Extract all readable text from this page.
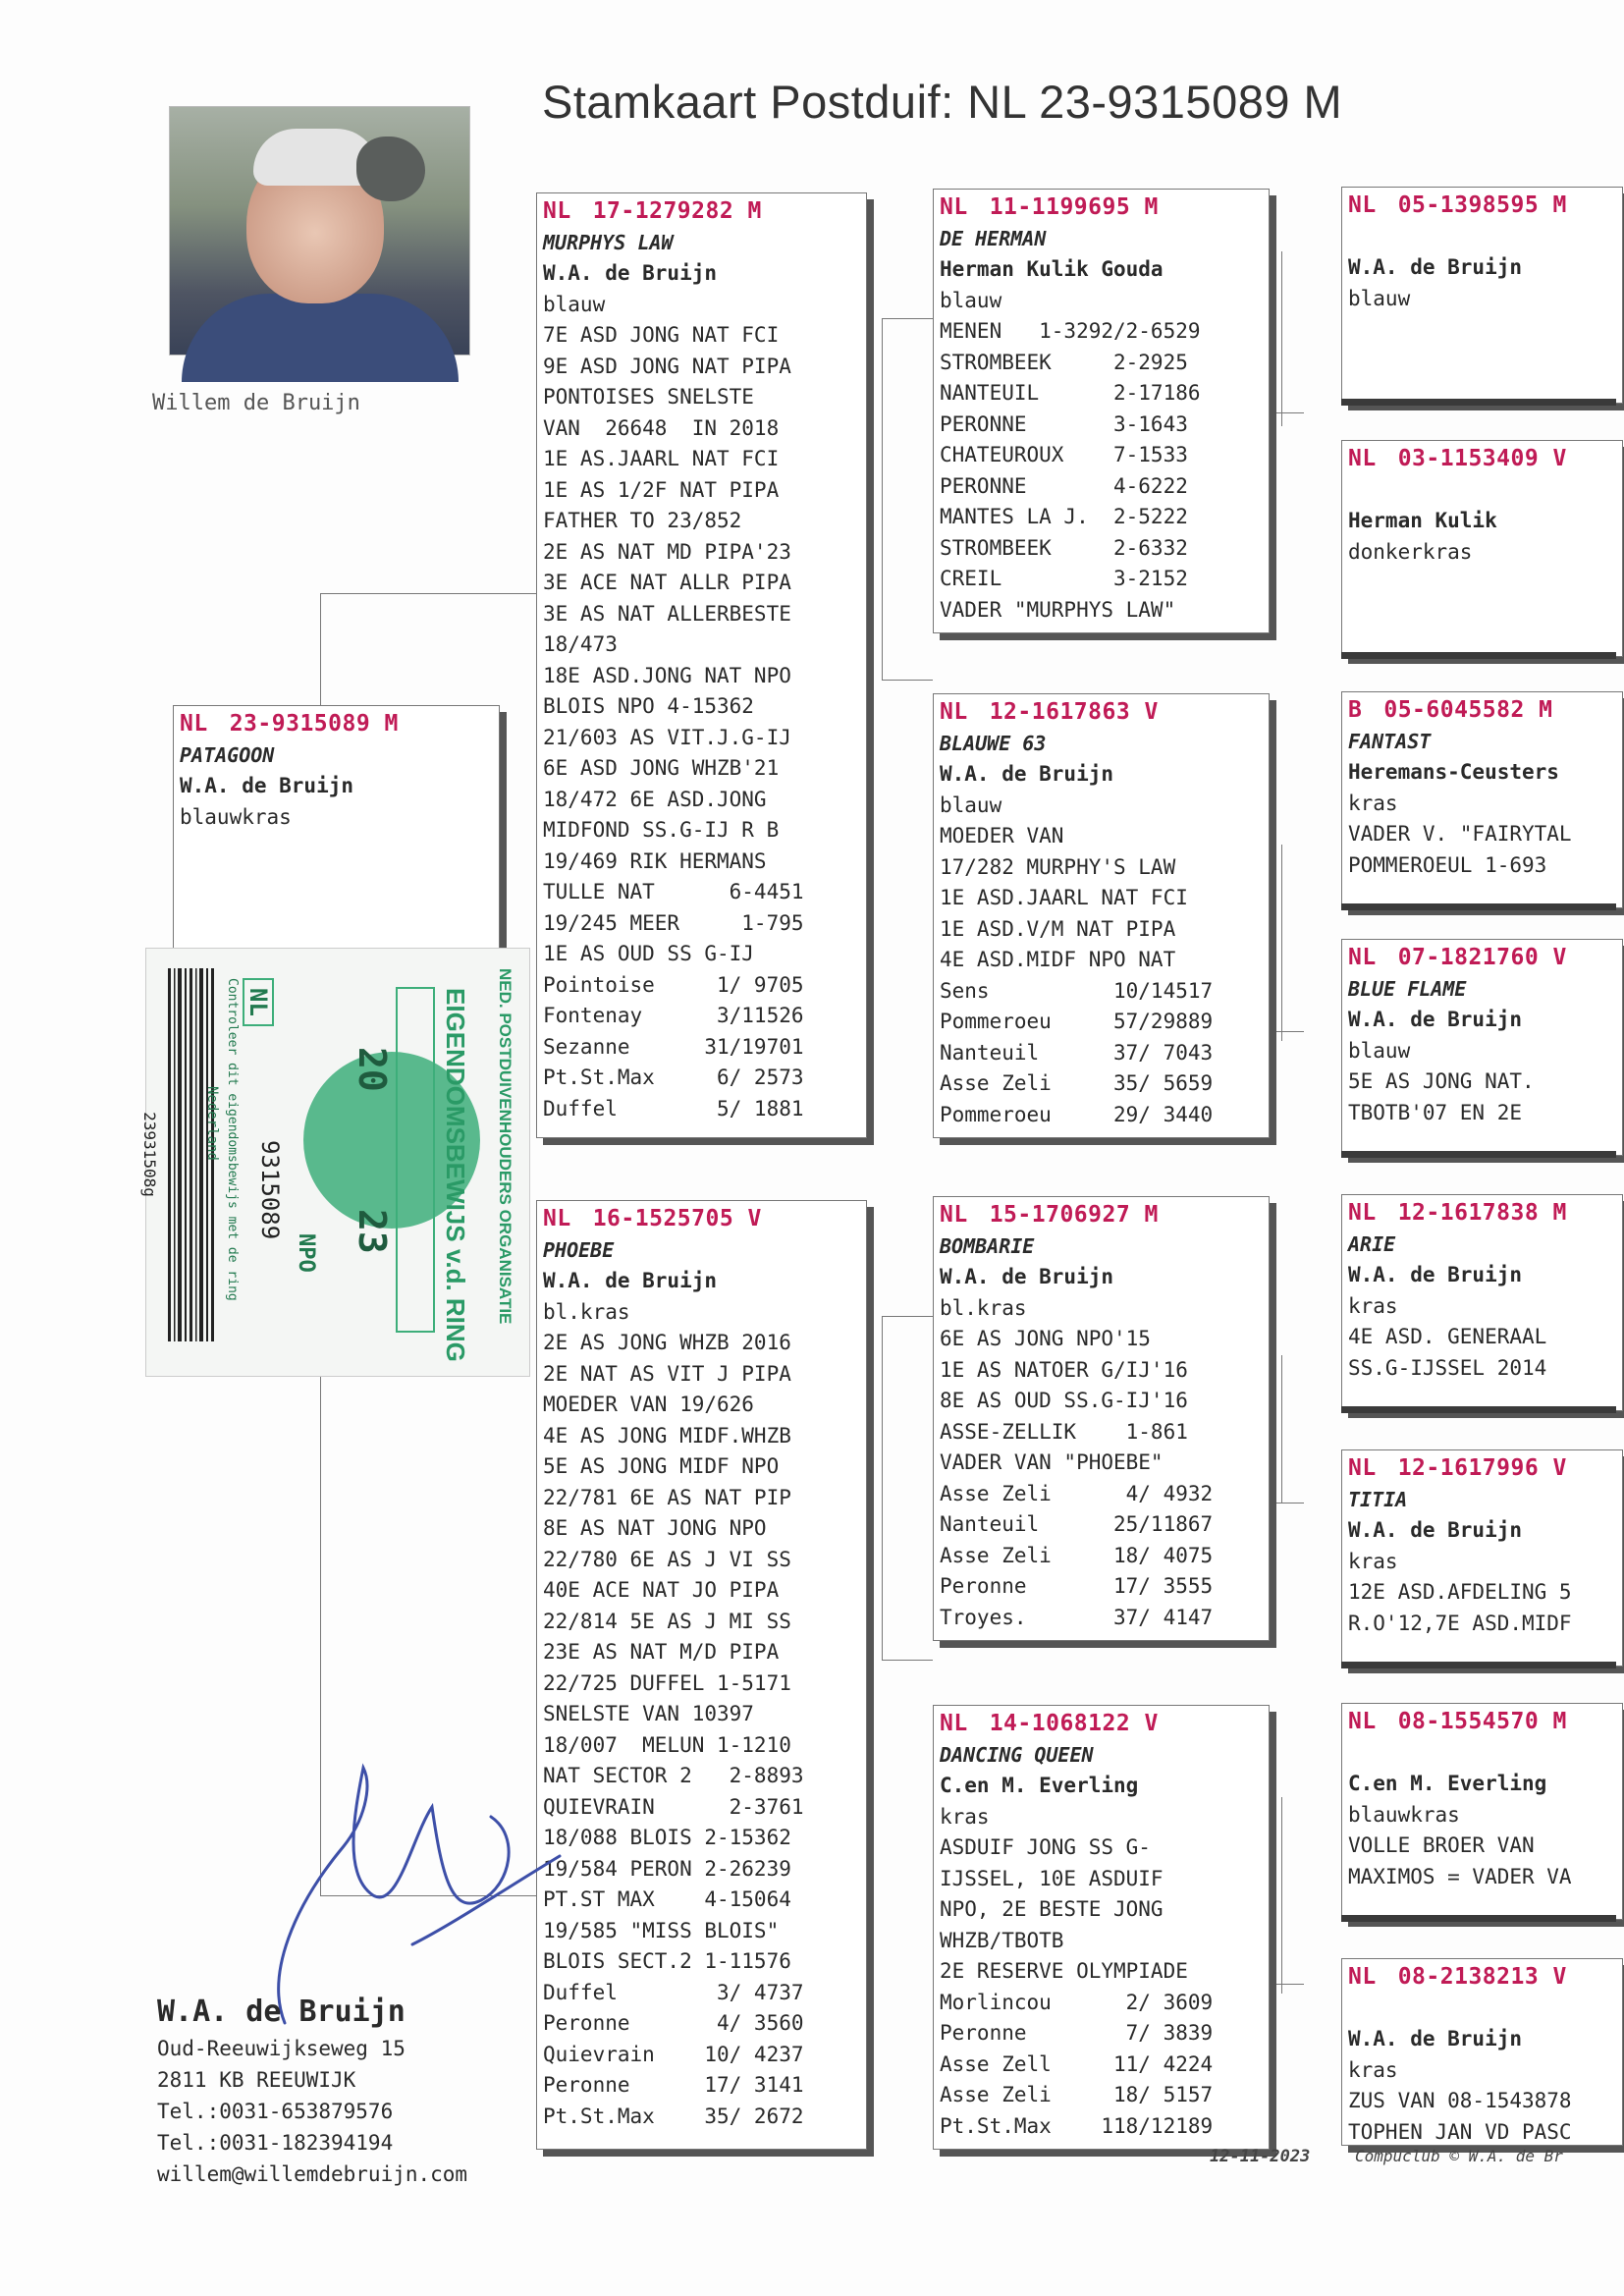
Stamkaart Postduif: NL 23-9315089 M
Willem de Bruijn
NL 23-9315089 M
PATAGOON
W.A. de Bruijn
blauwkras
23931508g	Nederland Controleer dit eigendomsbewijs met de ring NL
9315089
NPO
20
23 EIGENDOMSBEWIJS v.d. RING NED. POSTDUIVENHOUDERS ORGANISATIE
NL 17-1279282 M
MURPHYS LAW
W.A. de Bruijn
blauw
7E ASD JONG NAT FCI
9E ASD JONG NAT PIPA
PONTOISES SNELSTE
VAN  26648  IN 2018
1E AS.JAARL NAT FCI
1E AS 1/2F NAT PIPA
FATHER TO 23/852
2E AS NAT MD PIPA'23
3E ACE NAT ALLR PIPA
3E AS NAT ALLERBESTE
18/473
18E ASD.JONG NAT NPO
BLOIS NPO 4-15362
21/603 AS VIT.J.G-IJ
6E ASD JONG WHZB'21
18/472 6E ASD.JONG
MIDFOND SS.G-IJ R B
19/469 RIK HERMANS
TULLE NAT      6-4451
19/245 MEER     1-795
1E AS OUD SS G-IJ
Pointoise     1/ 9705
Fontenay      3/11526
Sezanne      31/19701
Pt.St.Max     6/ 2573
Duffel        5/ 1881
NL 16-1525705 V
PHOEBE
W.A. de Bruijn
bl.kras
2E AS JONG WHZB 2016
2E NAT AS VIT J PIPA
MOEDER VAN 19/626
4E AS JONG MIDF.WHZB
5E AS JONG MIDF NPO
22/781 6E AS NAT PIP
8E AS NAT JONG NPO
22/780 6E AS J VI SS
40E ACE NAT JO PIPA
22/814 5E AS J MI SS
23E AS NAT M/D PIPA
22/725 DUFFEL 1-5171
SNELSTE VAN 10397
18/007  MELUN 1-1210
NAT SECTOR 2   2-8893
QUIEVRAIN      2-3761
18/088 BLOIS 2-15362
19/584 PERON 2-26239
PT.ST MAX    4-15064
19/585 "MISS BLOIS"
BLOIS SECT.2 1-11576
Duffel        3/ 4737
Peronne       4/ 3560
Quievrain    10/ 4237
Peronne      17/ 3141
Pt.St.Max    35/ 2672
NL 11-1199695 M
DE HERMAN
Herman Kulik Gouda
blauw
MENEN   1-3292/2-6529
STROMBEEK     2-2925
NANTEUIL      2-17186
PERONNE       3-1643
CHATEUROUX    7-1533
PERONNE       4-6222
MANTES LA J.  2-5222
STROMBEEK     2-6332
CREIL         3-2152
VADER "MURPHYS LAW"
NL 12-1617863 V
BLAUWE 63
W.A. de Bruijn
blauw
MOEDER VAN
17/282 MURPHY'S LAW
1E ASD.JAARL NAT FCI
1E ASD.V/M NAT PIPA
4E ASD.MIDF NPO NAT
Sens          10/14517
Pommeroeu     57/29889
Nanteuil      37/ 7043
Asse Zeli     35/ 5659
Pommeroeu     29/ 3440
NL 15-1706927 M
BOMBARIE
W.A. de Bruijn
bl.kras
6E AS JONG NPO'15
1E AS NATOER G/IJ'16
8E AS OUD SS.G-IJ'16
ASSE-ZELLIK    1-861
VADER VAN "PHOEBE"
Asse Zeli      4/ 4932
Nanteuil      25/11867
Asse Zeli     18/ 4075
Peronne       17/ 3555
Troyes.       37/ 4147
NL 14-1068122 V
DANCING QUEEN
C.en M. Everling
kras
ASDUIF JONG SS G-
IJSSEL, 10E ASDUIF
NPO, 2E BESTE JONG
WHZB/TBOTB
2E RESERVE OLYMPIADE
Morlincou      2/ 3609
Peronne        7/ 3839
Asse Zell     11/ 4224
Asse Zeli     18/ 5157
Pt.St.Max    118/12189
NL 05-1398595 M
W.A. de Bruijn
blauw
NL 03-1153409 V
Herman Kulik
donkerkras
B 05-6045582 M
FANTAST
Heremans-Ceusters
kras
VADER V. "FAIRYTAL
POMMEROEUL 1-693
NL 07-1821760 V
BLUE FLAME
W.A. de Bruijn
blauw
5E AS JONG NAT.
TBOTB'07 EN 2E
NL 12-1617838 M
ARIE
W.A. de Bruijn
kras
4E ASD. GENERAAL
SS.G-IJSSEL 2014
NL 12-1617996 V
TITIA
W.A. de Bruijn
kras
12E ASD.AFDELING 5
R.O'12,7E ASD.MIDF
NL 08-1554570 M
C.en M. Everling
blauwkras
VOLLE BROER VAN
MAXIMOS = VADER VA
NL 08-2138213 V
W.A. de Bruijn
kras
ZUS VAN 08-1543878
TOPHEN JAN VD PASC
W.A. de Bruijn
Oud-Reeuwijkseweg 15
2811 KB REEUWIJK
Tel.:0031-653879576
Tel.:0031-182394194
willem@willemdebruijn.com
12-11-2023	Compuclub © W.A. de Br
